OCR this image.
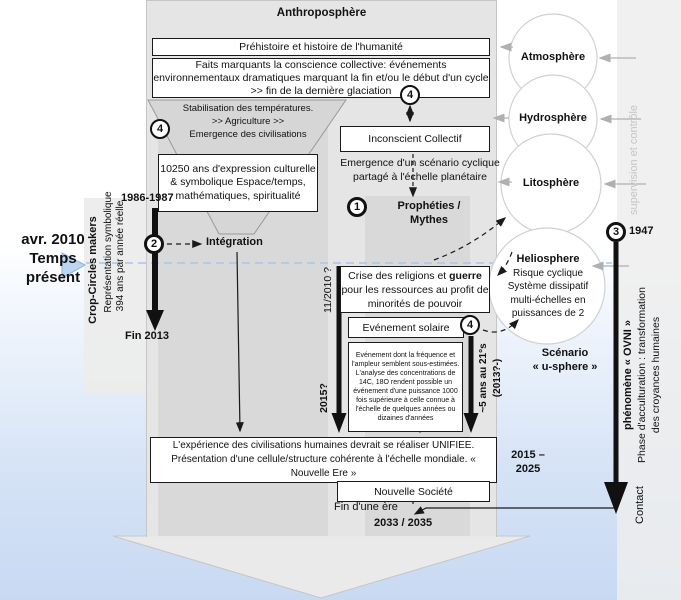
Anthroposphère
Préhistoire et histoire de l'humanité
Faits marquants la conscience collective: événements environnementaux dramatiques marquant la fin et/ou le début d'un cycle >> fin de la dernière glaciation
Stabilisation des températures.
>> Agriculture >>
Emergence des civilisations
10250 ans d'expression culturelle & symbolique Espace/temps, mathématiques, spiritualité
1986-1987
Inconscient Collectif
Emergence d'un scénario cyclique
partagé à l'échelle planétaire
Prophéties /
Mythes
Intégration
Fin 2013
avr. 2010
Temps
présent	Crise des religions et guerre pour les ressources au profit de minorités de pouvoir
Evénement solaire
Evénement dont la fréquence et l'ampleur semblent sous-estimées. L'analyse des concentrations de 14C, 18O rendent possible un événement d'une puissance 1000 fois supérieure à celle connue à l'échelle de quelques années ou dizaines d'années
L'expérience des civilisations humaines devrait se réaliser UNIFIEE. Présentation d'une cellule/structure cohérente à l'échelle mondiale. « Nouvelle Ere »
Nouvelle Société
Fin d'une ère
2033 / 2035
2015 –
2025
Scénario
« u-sphere »
1947
Atmosphère
Hydrosphère
Litosphère
Heliosphere
Risque cyclique
Système dissipatif
multi-échelles en
puissances de 2
Crop-Circles makers Représentation symbolique 394 ans par année réelle	11/2010 ?
2015?	~5 ans au 21°s (2013?-)
supervision et contrôle
phénomène « OVNI » Phase d'acculturation : transformation des croyances humaines
Contact
1
2
3
4
4
4
